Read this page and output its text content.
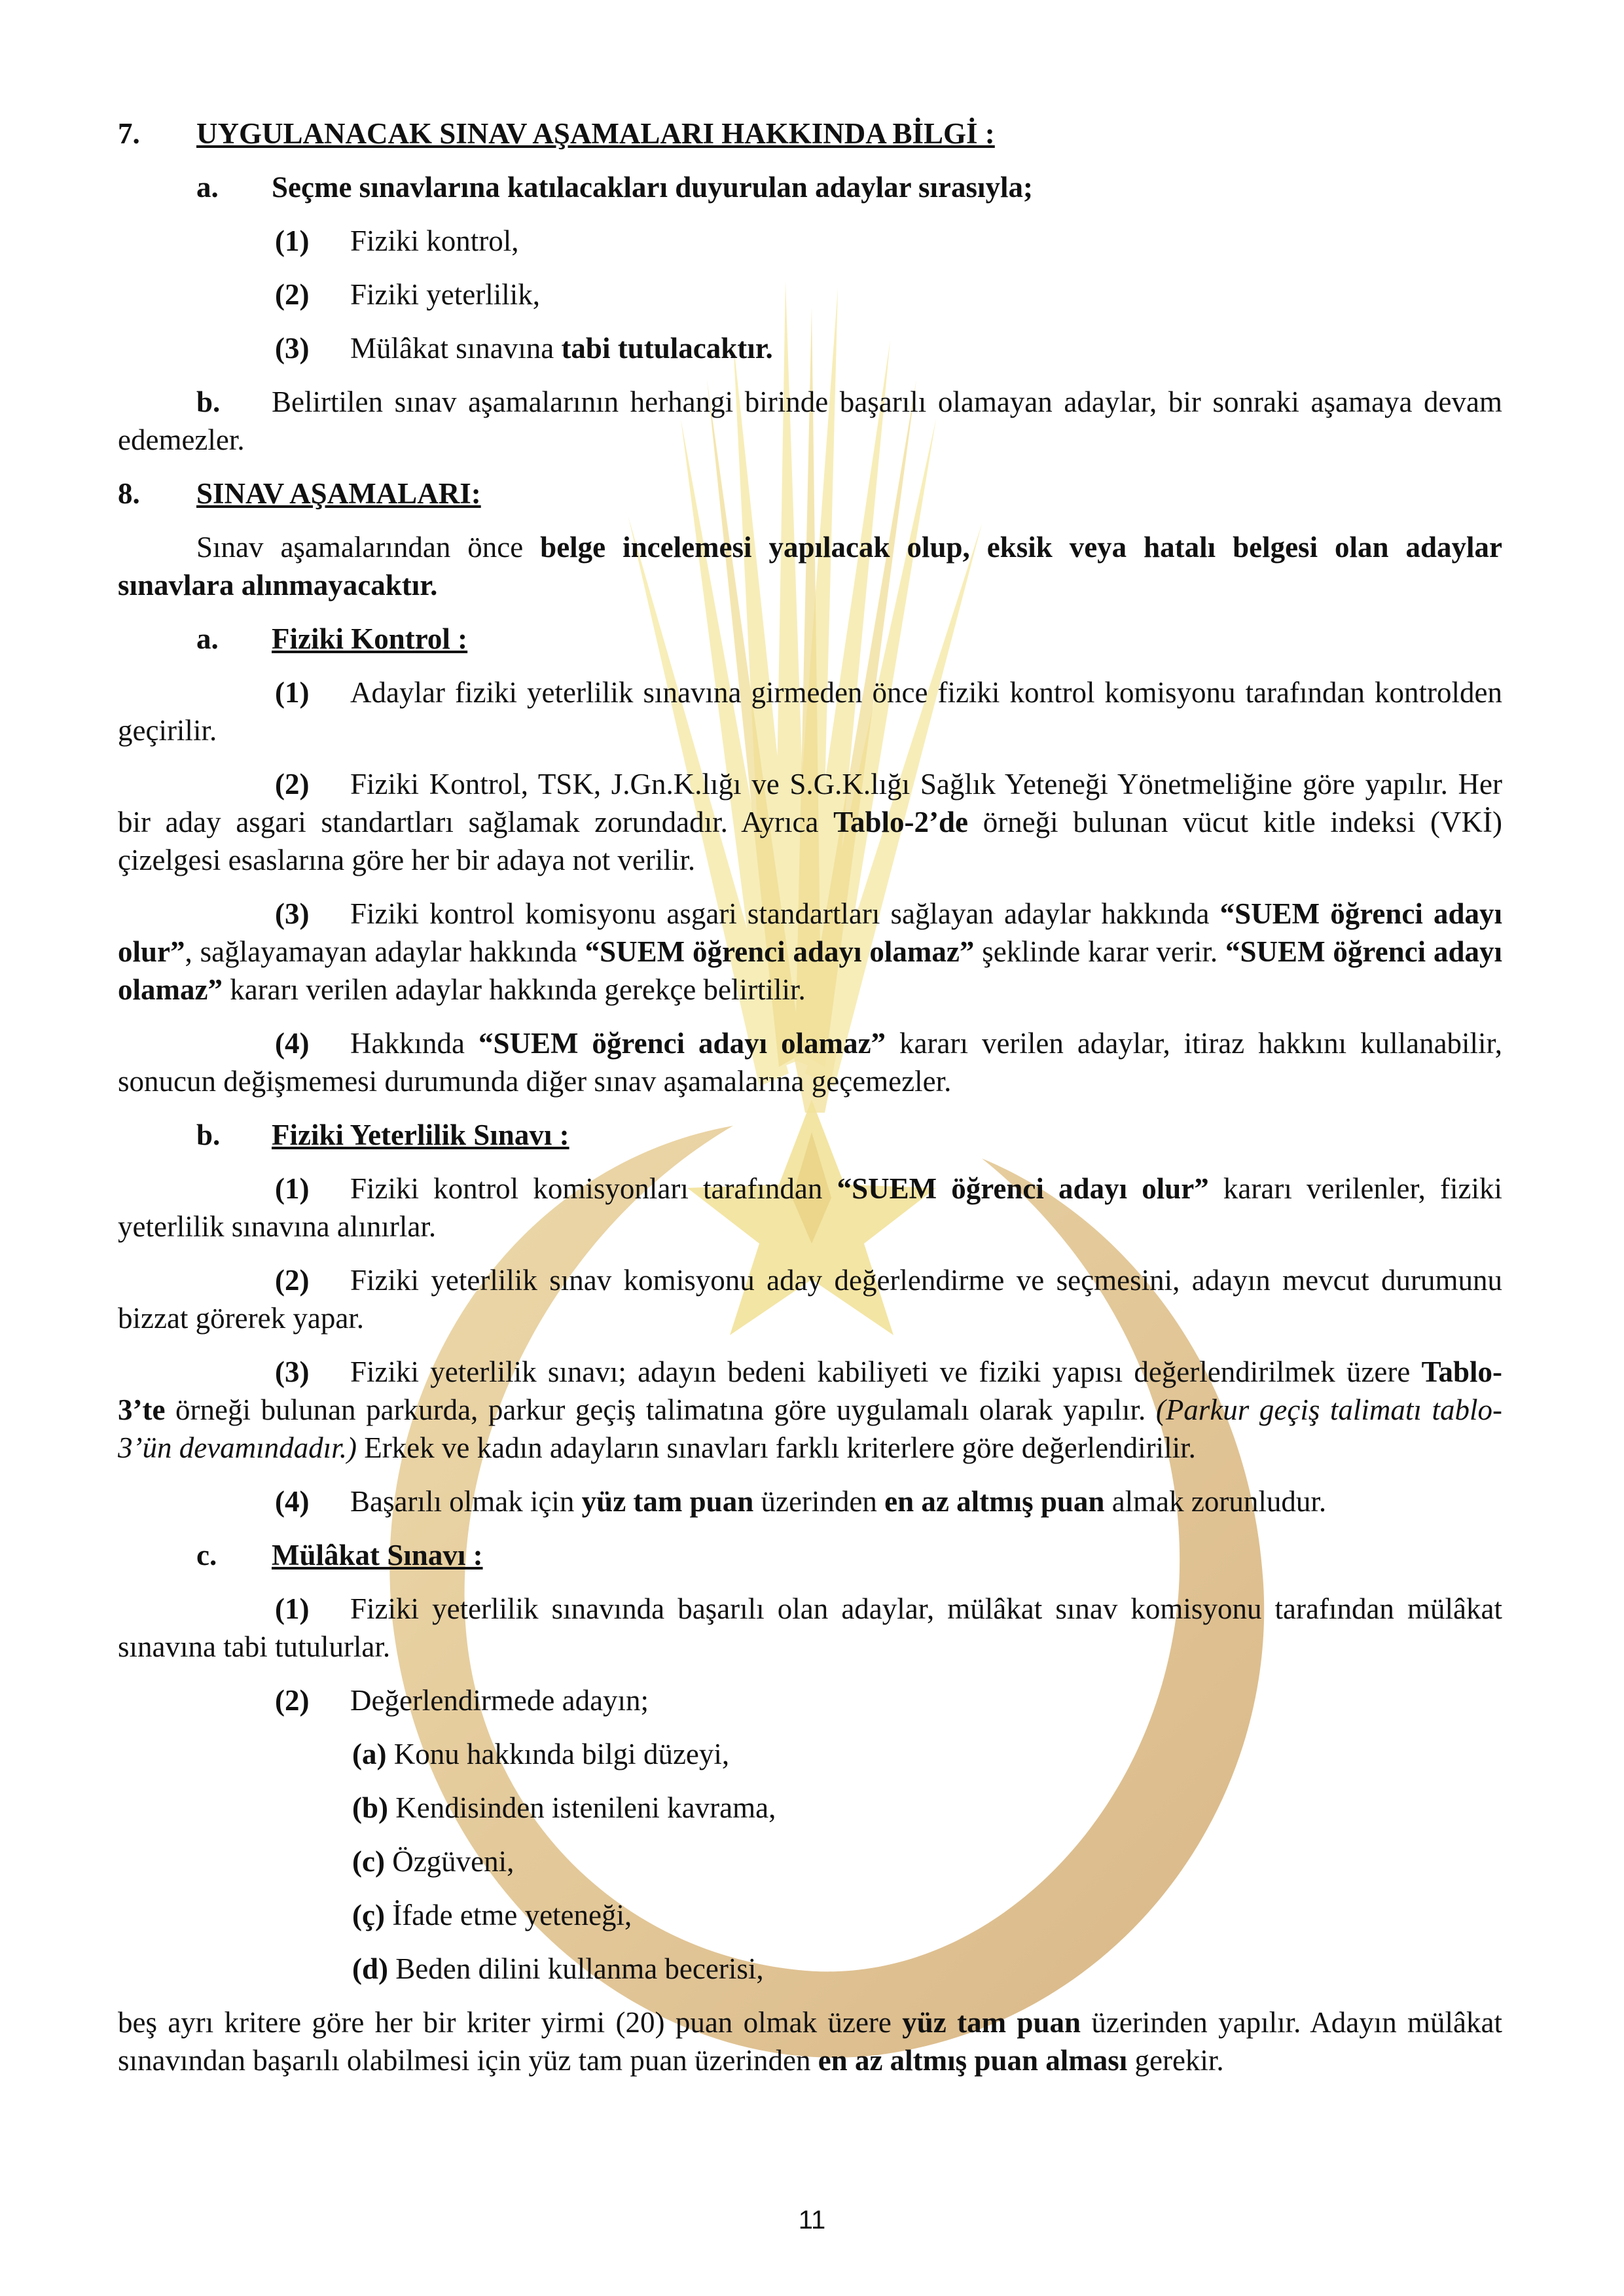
7. UYGULANACAK SINAV AŞAMALARI HAKKINDA BİLGİ :
a. Seçme sınavlarına katılacakları duyurulan adaylar sırasıyla;
(1) Fiziki kontrol,
(2) Fiziki yeterlilik,
(3) Mülâkat sınavına tabi tutulacaktır.
b. Belirtilen sınav aşamalarının herhangi birinde başarılı olamayan adaylar, bir sonraki aşamaya devam edemezler.
8. SINAV AŞAMALARI:
Sınav aşamalarından önce belge incelemesi yapılacak olup, eksik veya hatalı belgesi olan adaylar sınavlara alınmayacaktır.
a. Fiziki Kontrol :
(1) Adaylar fiziki yeterlilik sınavına girmeden önce fiziki kontrol komisyonu tarafından kontrolden geçirilir.
(2) Fiziki Kontrol, TSK, J.Gn.K.lığı ve S.G.K.lığı Sağlık Yeteneği Yönetmeliğine göre yapılır. Her bir aday asgari standartları sağlamak zorundadır. Ayrıca Tablo-2’de örneği bulunan vücut kitle indeksi (VKİ) çizelgesi esaslarına göre her bir adaya not verilir.
(3) Fiziki kontrol komisyonu asgari standartları sağlayan adaylar hakkında “SUEM öğrenci adayı olur”, sağlayamayan adaylar hakkında “SUEM öğrenci adayı olamaz” şeklinde karar verir. “SUEM öğrenci adayı olamaz” kararı verilen adaylar hakkında gerekçe belirtilir.
(4) Hakkında “SUEM öğrenci adayı olamaz” kararı verilen adaylar, itiraz hakkını kullanabilir, sonucun değişmemesi durumunda diğer sınav aşamalarına geçemezler.
b. Fiziki Yeterlilik Sınavı :
(1) Fiziki kontrol komisyonları tarafından “SUEM öğrenci adayı olur” kararı verilenler, fiziki yeterlilik sınavına alınırlar.
(2) Fiziki yeterlilik sınav komisyonu aday değerlendirme ve seçmesini, adayın mevcut durumunu bizzat görerek yapar.
(3) Fiziki yeterlilik sınavı; adayın bedeni kabiliyeti ve fiziki yapısı değerlendirilmek üzere Tablo-3’te örneği bulunan parkurda, parkur geçiş talimatına göre uygulamalı olarak yapılır. (Parkur geçiş talimatı tablo-3’ün devamındadır.) Erkek ve kadın adayların sınavları farklı kriterlere göre değerlendirilir.
(4) Başarılı olmak için yüz tam puan üzerinden en az altmış puan almak zorunludur.
c. Mülâkat Sınavı :
(1) Fiziki yeterlilik sınavında başarılı olan adaylar, mülâkat sınav komisyonu tarafından mülâkat sınavına tabi tutulurlar.
(2) Değerlendirmede adayın;
(a) Konu hakkında bilgi düzeyi,
(b) Kendisinden istenileni kavrama,
(c) Özgüveni,
(ç) İfade etme yeteneği,
(d) Beden dilini kullanma becerisi,
beş ayrı kritere göre her bir kriter yirmi (20) puan olmak üzere yüz tam puan üzerinden yapılır. Adayın mülâkat sınavından başarılı olabilmesi için yüz tam puan üzerinden en az altmış puan alması gerekir.
11
